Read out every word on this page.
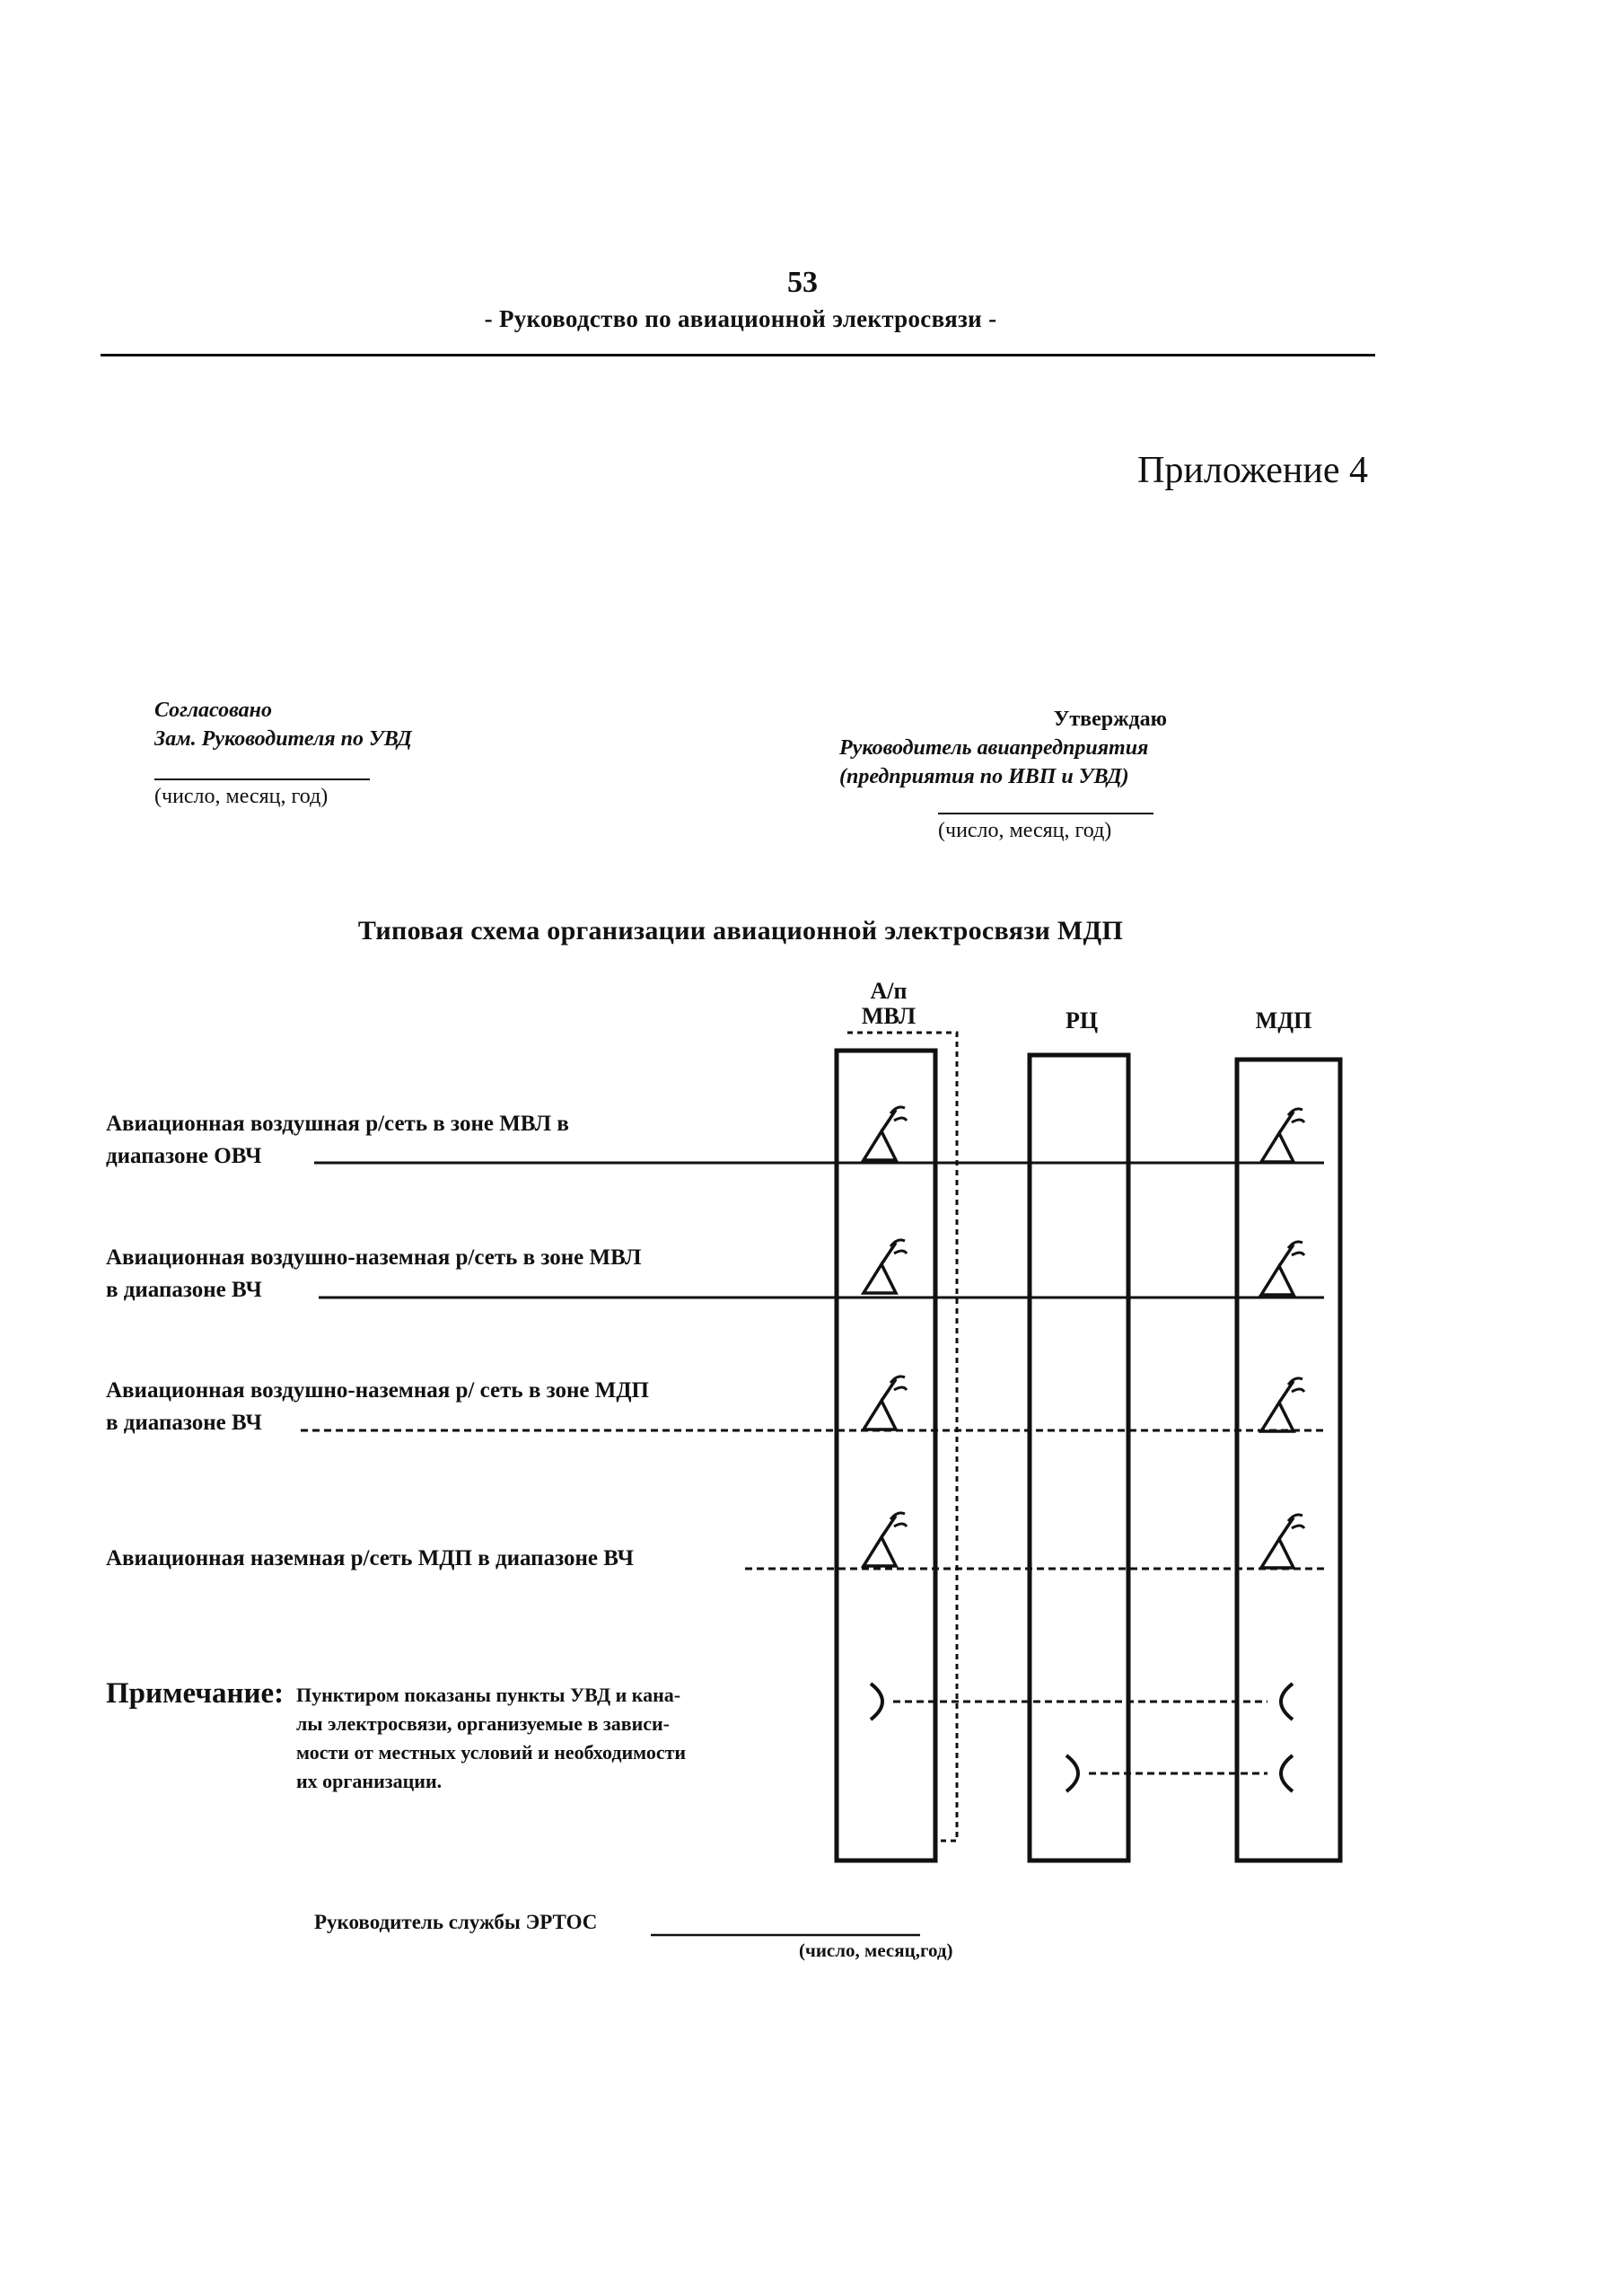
53
- Руководство по авиационной электросвязи -
Приложение 4
Согласовано
Зам. Руководителя по УВД
(число, месяц, год)
Утверждаю
Руководитель авиапредприятия
(предприятия по ИВП и УВД)
(число, месяц, год)
Типовая схема организации авиационной электросвязи МДП
А/п
МВЛ	РЦ	МДП
Авиационная воздушная р/сеть в зоне МВЛ в
диапазоне ОВЧ
Авиационная воздушно-наземная р/сеть в зоне МВЛ
в диапазоне ВЧ
Авиационная воздушно-наземная р/ сеть в зоне МДП
в диапазоне ВЧ
Авиационная наземная р/сеть МДП в диапазоне ВЧ
Примечание: Пунктиром показаны пункты УВД и кана-
лы электросвязи, организуемые в зависи-
мости от местных условий и необходимости
их организации.
Руководитель службы ЭРТОС
(число, месяц,год)
